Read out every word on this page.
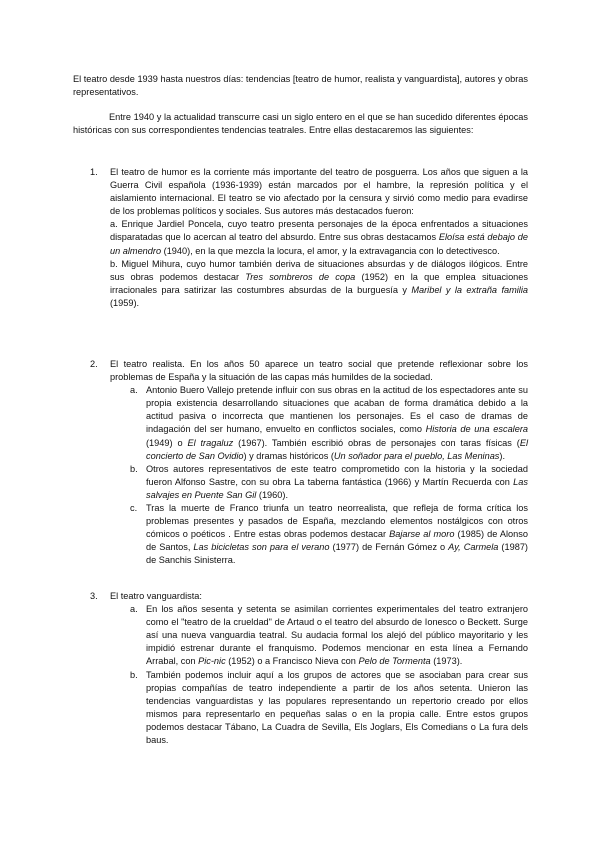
El teatro desde 1939 hasta nuestros días: tendencias [teatro de humor, realista y vanguardista], autores y obras representativos.
Entre 1940 y la actualidad transcurre casi un siglo entero en el que se han sucedido diferentes épocas históricas con sus correspondientes tendencias teatrales. Entre ellas destacaremos las siguientes:
1. El teatro de humor es la corriente más importante del teatro de posguerra. Los años que siguen a la Guerra Civil española (1936-1939) están marcados por el hambre, la represión política y el aislamiento internacional. El teatro se vio afectado por la censura y sirvió como medio para evadirse de los problemas políticos y sociales. Sus autores más destacados fueron:

a. Enrique Jardiel Poncela, cuyo teatro presenta personajes de la época enfrentados a situaciones disparatadas que lo acercan al teatro del absurdo. Entre sus obras destacamos Eloísa está debajo de un almendro (1940), en la que mezcla la locura, el amor, y la extravagancia con lo detectivesco.

b. Miguel Mihura, cuyo humor también deriva de situaciones absurdas y de diálogos ilógicos. Entre sus obras podemos destacar Tres sombreros de copa (1952) en la que emplea situaciones irracionales para satirizar las costumbres absurdas de la burguesía y Maribel y la extraña familia (1959).

2. El teatro realista. En los años 50 aparece un teatro social que pretende reflexionar sobre los problemas de España y la situación de las capas más humildes de la sociedad.

a. Antonio Buero Vallejo pretende influir con sus obras en la actitud de los espectadores ante su propia existencia desarrollando situaciones que acaban de forma dramática debido a la actitud pasiva o incorrecta que mantienen los personajes. Es el caso de dramas de indagación del ser humano, envuelto en conflictos sociales, como Historia de una escalera (1949) o El tragaluz (1967). También escribió obras de personajes con taras físicas (El concierto de San Ovidio) y dramas históricos (Un soñador para el pueblo, Las Meninas).
b. Otros autores representativos de este teatro comprometido con la historia y la sociedad fueron Alfonso Sastre, con su obra La taberna fantástica (1966) y Martín Recuerda con Las salvajes en Puente San Gil (1960).
c. Tras la muerte de Franco triunfa un teatro neorrealista, que refleja de forma crítica los problemas presentes y pasados de España, mezclando elementos nostálgicos con otros cómicos o poéticos . Entre estas obras podemos destacar Bajarse al moro (1985) de Alonso de Santos, Las bicicletas son para el verano (1977) de Fernán Gómez o Ay, Carmela (1987) de Sanchis Sinisterra.
3. El teatro vanguardista:

a. En los años sesenta y setenta se asimilan corrientes experimentales del teatro extranjero como el "teatro de la crueldad" de Artaud o el teatro del absurdo de Ionesco o Beckett. Surge así una nueva vanguardia teatral. Su audacia formal los alejó del público mayoritario y les impidió estrenar durante el franquismo. Podemos mencionar en esta línea a Fernando Arrabal, con Pic-nic (1952) o a Francisco Nieva con Pelo de Tormenta (1973).
b. También podemos incluir aquí a los grupos de actores que se asociaban para crear sus propias compañías de teatro independiente a partir de los años setenta. Unieron las tendencias vanguardistas y las populares representando un repertorio creado por ellos mismos para representarlo en pequeñas salas o en la propia calle. Entre estos grupos podemos destacar Tábano, La Cuadra de Sevilla, Els Joglars, Els Comedians o La fura dels baus.
